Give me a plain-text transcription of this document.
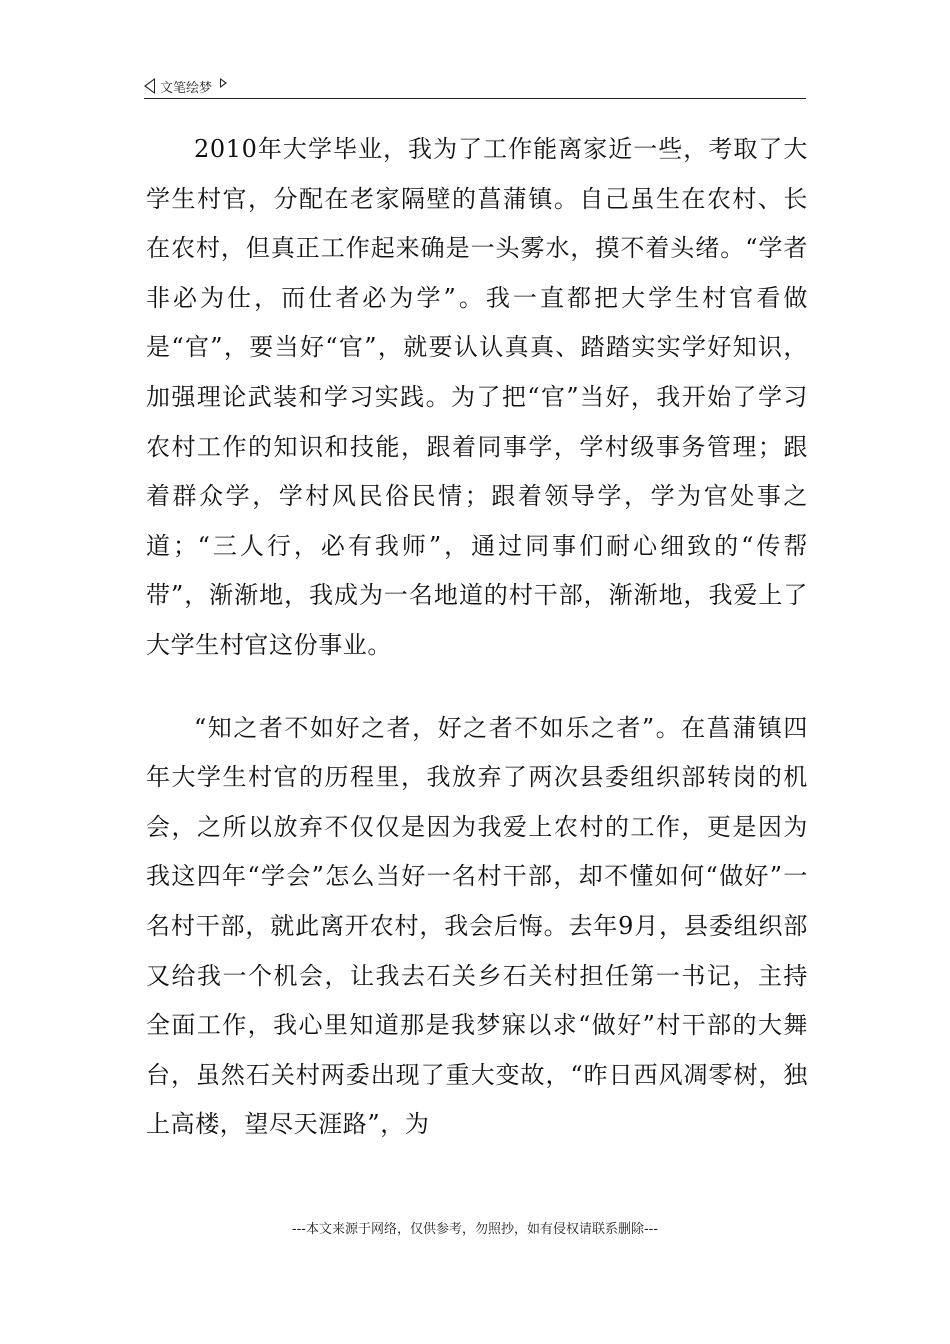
文笔绘梦

2010年大学毕业，我为了工作能离家近一些，考取了大学生村官，分配在老家隔壁的菖蒲镇。自己虽生在农村、长在农村，但真正工作起来确是一头雾水，摸不着头绪。“学者非必为仕，而仕者必为学”。我一直都把大学生村官看做是“官”，要当好“官”，就要认认真真、踏踏实实学好知识，加强理论武装和学习实践。为了把“官”当好，我开始了学习农村工作的知识和技能，跟着同事学，学村级事务管理；跟着群众学，学村风民俗民情；跟着领导学，学为官处事之道；“三人行，必有我师”，通过同事们耐心细致的“传帮带”，渐渐地，我成为一名地道的村干部，渐渐地，我爱上了大学生村官这份事业。

“知之者不如好之者，好之者不如乐之者”。在菖蒲镇四年大学生村官的历程里，我放弃了两次县委组织部转岗的机会，之所以放弃不仅仅是因为我爱上农村的工作，更是因为我这四年“学会”怎么当好一名村干部，却不懂如何“做好”一名村干部，就此离开农村，我会后悔。去年9月，县委组织部又给我一个机会，让我去石关乡石关村担任第一书记，主持全面工作，我心里知道那是我梦寐以求“做好”村干部的大舞台，虽然石关村两委出现了重大变故，“昨日西风凋零树，独上高楼，望尽天涯路”，为

---本文来源于网络，仅供参考，勿照抄，如有侵权请联系删除---
